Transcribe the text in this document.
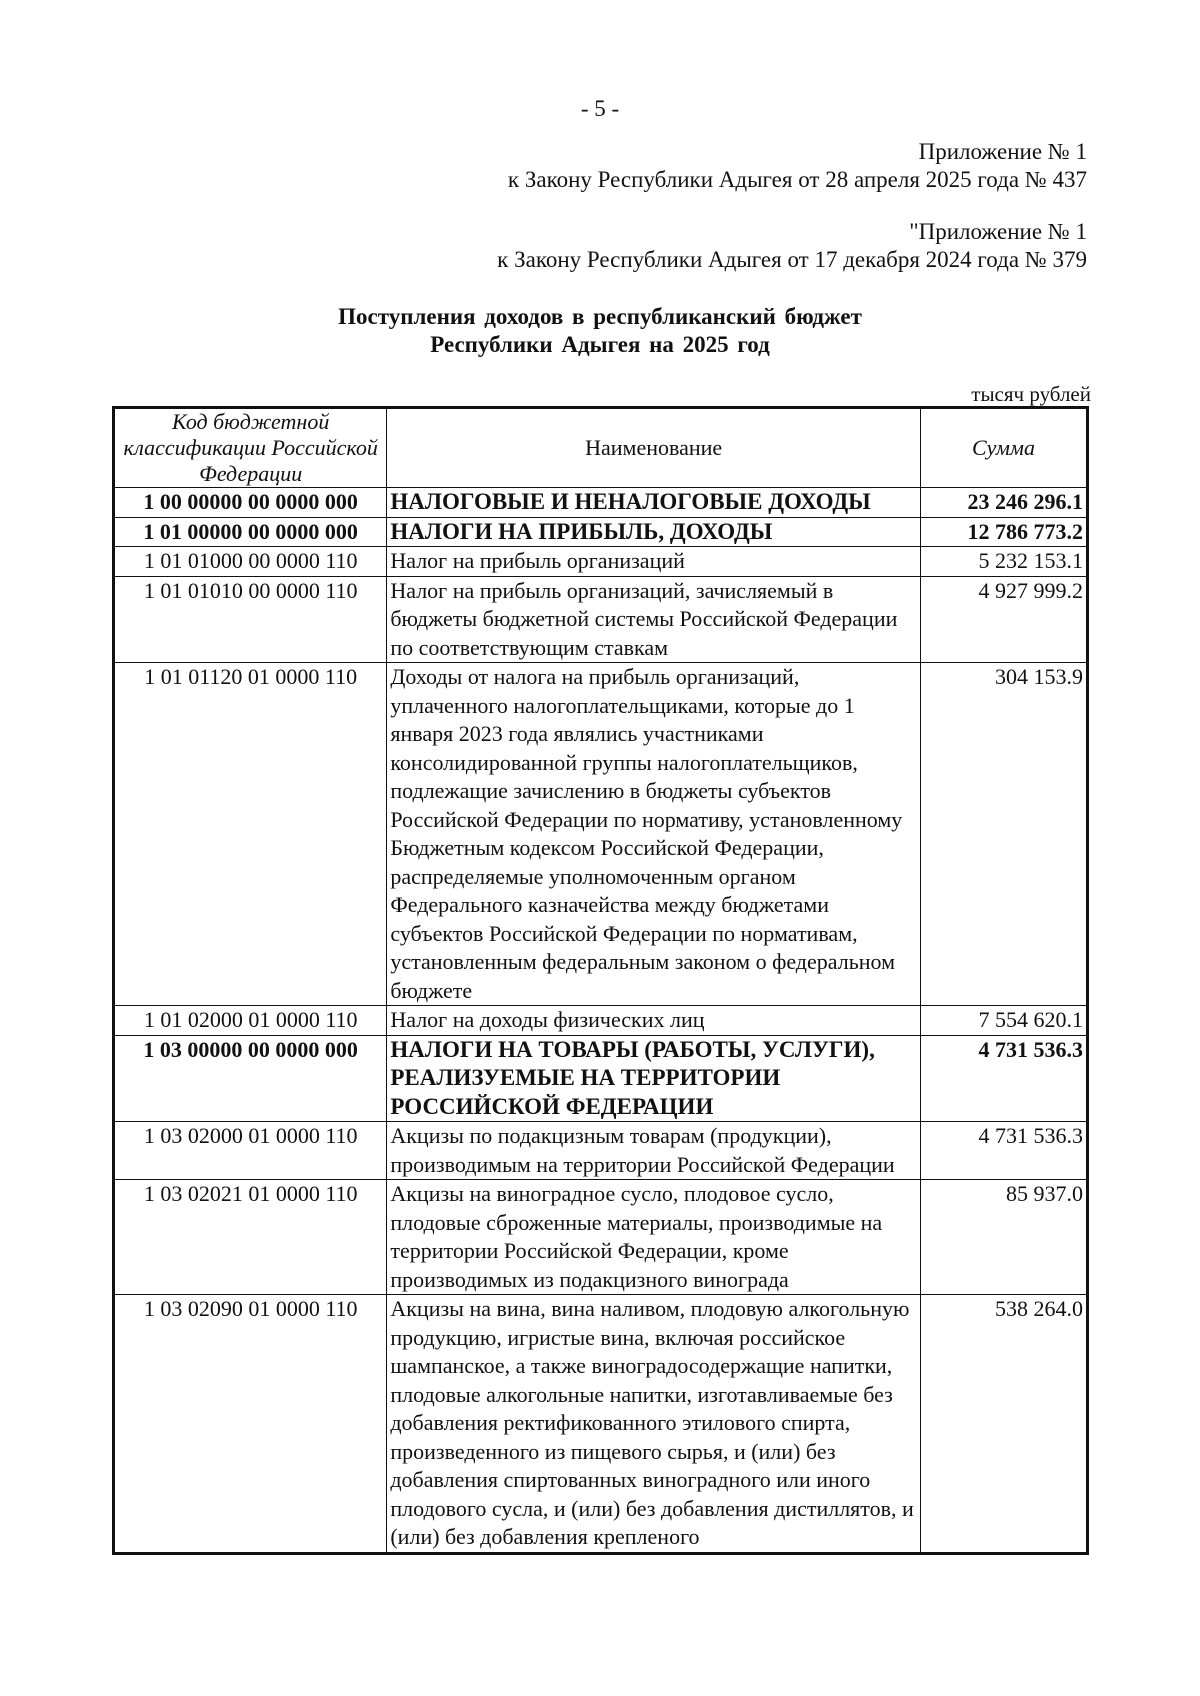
- 5 -
Приложение № 1
к Закону Республики Адыгея от 28 апреля 2025 года № 437
"Приложение № 1
к Закону Республики Адыгея от 17 декабря 2024 года № 379
Поступления доходов в республиканский бюджет
Республики Адыгея на 2025 год
тысяч рублей
Код бюджетной классификации Российской Федерации	Наименование	Сумма
1 00 00000 00 0000 000	НАЛОГОВЫЕ И НЕНАЛОГОВЫЕ ДОХОДЫ	23 246 296.1
1 01 00000 00 0000 000	НАЛОГИ НА ПРИБЫЛЬ, ДОХОДЫ	12 786 773.2
1 01 01000 00 0000 110	Налог на прибыль организаций	5 232 153.1
1 01 01010 00 0000 110	Налог на прибыль организаций, зачисляемый в бюджеты бюджетной системы Российской Федерации по соответствующим ставкам	4 927 999.2
1 01 01120 01 0000 110	Доходы от налога на прибыль организаций, уплаченного налогоплательщиками, которые до 1 января 2023 года являлись участниками консолидированной группы налогоплательщиков, подлежащие зачислению в бюджеты субъектов Российской Федерации по нормативу, установленному Бюджетным кодексом Российской Федерации, распределяемые уполномоченным органом Федерального казначейства между бюджетами субъектов Российской Федерации по нормативам, установленным федеральным законом о федеральном бюджете	304 153.9
1 01 02000 01 0000 110	Налог на доходы физических лиц	7 554 620.1
1 03 00000 00 0000 000	НАЛОГИ НА ТОВАРЫ (РАБОТЫ, УСЛУГИ), РЕАЛИЗУЕМЫЕ НА ТЕРРИТОРИИ РОССИЙСКОЙ ФЕДЕРАЦИИ	4 731 536.3
1 03 02000 01 0000 110	Акцизы по подакцизным товарам (продукции), производимым на территории Российской Федерации	4 731 536.3
1 03 02021 01 0000 110	Акцизы на виноградное сусло, плодовое сусло, плодовые сброженные материалы, производимые на территории Российской Федерации, кроме производимых из подакцизного винограда	85 937.0
1 03 02090 01 0000 110	Акцизы на вина, вина наливом, плодовую алкогольную продукцию, игристые вина, включая российское шампанское, а также виноградосодержащие напитки, плодовые алкогольные напитки, изготавливаемые без добавления ректификованного этилового спирта, произведенного из пищевого сырья, и (или) без добавления спиртованных виноградного или иного плодового сусла, и (или) без добавления дистиллятов, и (или) без добавления крепленого	538 264.0
